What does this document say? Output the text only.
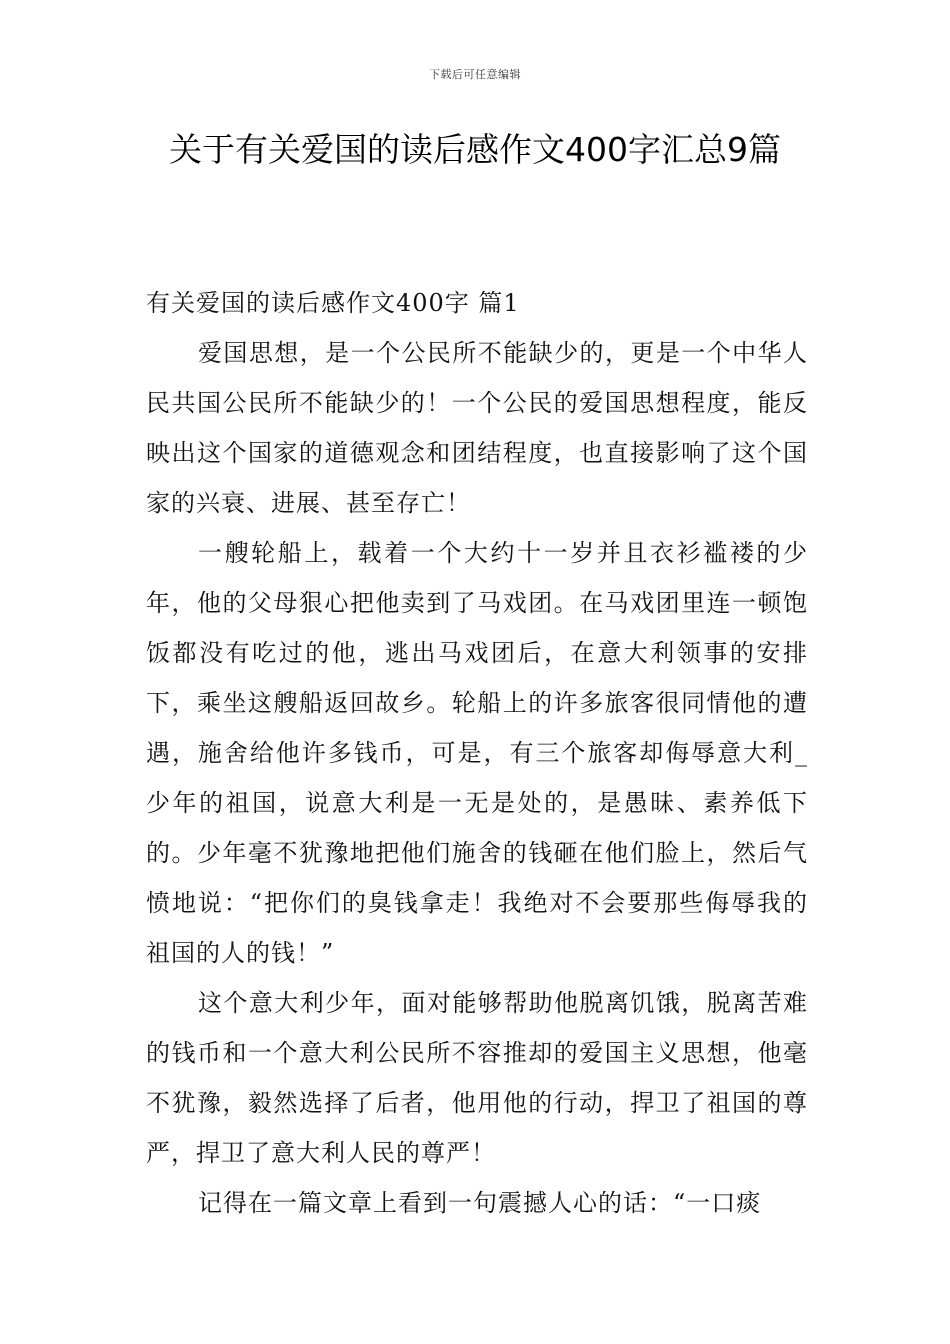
下载后可任意编辑
关于有关爱国的读后感作文400字汇总9篇
有关爱国的读后感作文400字 篇1

爱国思想，是一个公民所不能缺少的，更是一个中华人民共国公民所不能缺少的！一个公民的爱国思想程度，能反映出这个国家的道德观念和团结程度，也直接影响了这个国家的兴衰、进展、甚至存亡！

一艘轮船上，载着一个大约十一岁并且衣衫褴褛的少年，他的父母狠心把他卖到了马戏团。在马戏团里连一顿饱饭都没有吃过的他，逃出马戏团后，在意大利领事的安排下，乘坐这艘船返回故乡。轮船上的许多旅客很同情他的遭遇，施舍给他许多钱币，可是，有三个旅客却侮辱意大利_少年的祖国，说意大利是一无是处的，是愚昧、素养低下的。少年毫不犹豫地把他们施舍的钱砸在他们脸上，然后气愤地说：“把你们的臭钱拿走！我绝对不会要那些侮辱我的祖国的人的钱！”

这个意大利少年，面对能够帮助他脱离饥饿，脱离苦难的钱币和一个意大利公民所不容推却的爱国主义思想，他毫不犹豫，毅然选择了后者，他用他的行动，捍卫了祖国的尊严，捍卫了意大利人民的尊严！

记得在一篇文章上看到一句震撼人心的话：“一口痰
